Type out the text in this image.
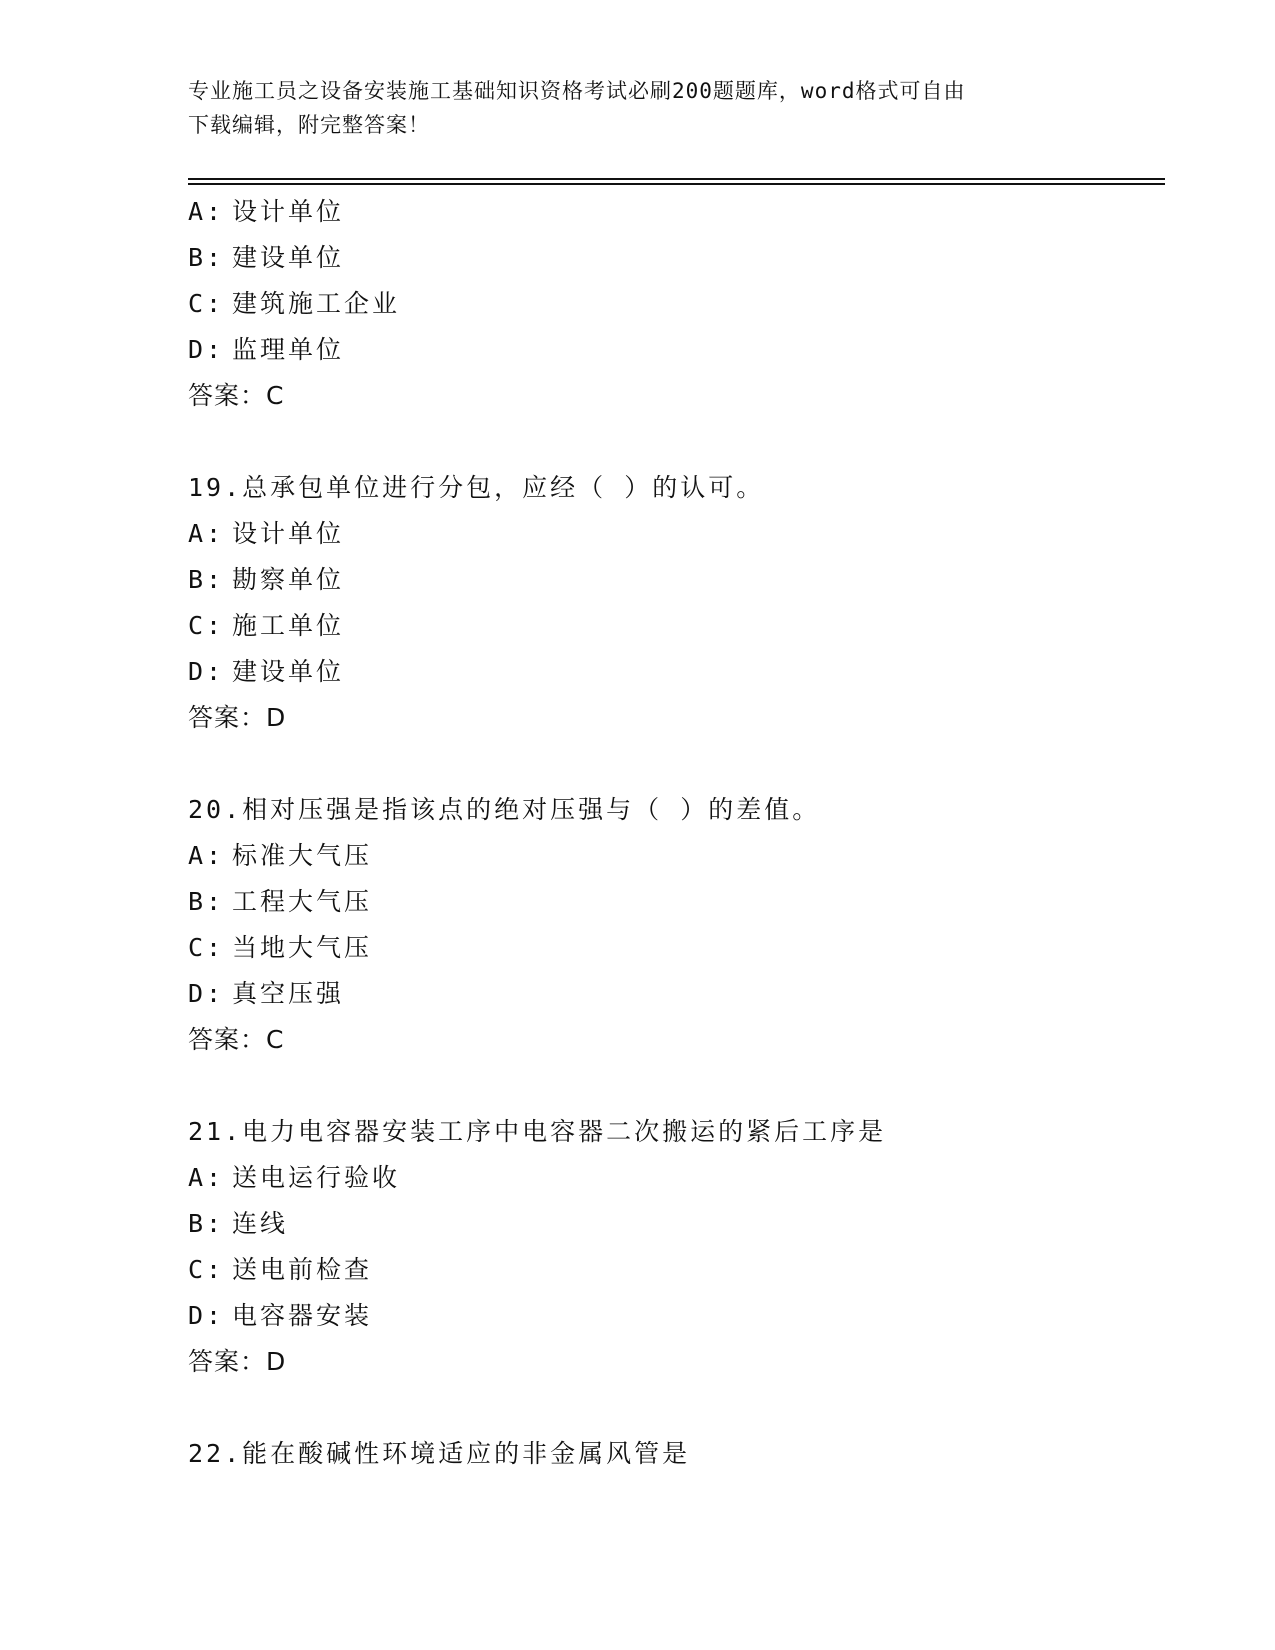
专业施工员之设备安装施工基础知识资格考试必刷200题题库，word格式可自由
下载编辑，附完整答案！
A: 设计单位
B: 建设单位
C: 建筑施工企业
D: 监理单位
答案：C
19.总承包单位进行分包，应经（ ）的认可。
A: 设计单位
B: 勘察单位
C: 施工单位
D: 建设单位
答案：D
20.相对压强是指该点的绝对压强与（ ）的差值。
A: 标准大气压
B: 工程大气压
C: 当地大气压
D: 真空压强
答案：C
21.电力电容器安装工序中电容器二次搬运的紧后工序是
A: 送电运行验收
B: 连线
C: 送电前检查
D: 电容器安装
答案：D
22.能在酸碱性环境适应的非金属风管是
